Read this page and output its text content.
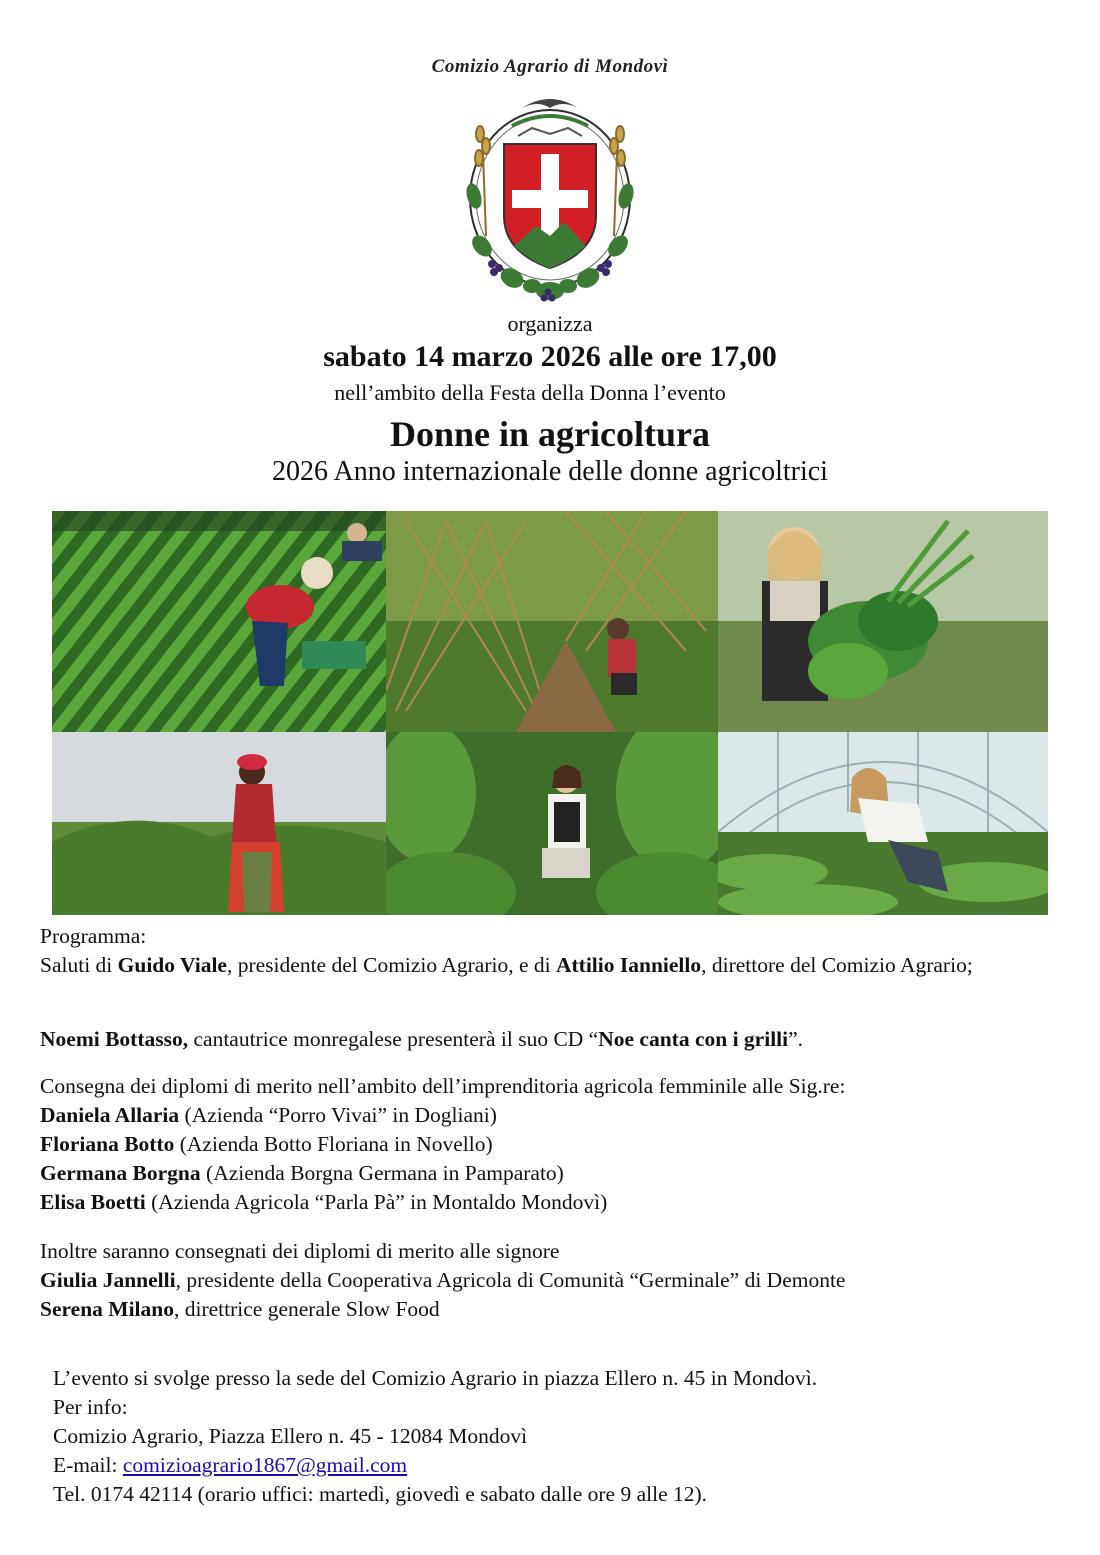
Comizio Agrario di Mondovì
organizza
sabato 14 marzo 2026 alle ore 17,00
nell’ambito della Festa della Donna l’evento
Donne in agricoltura
2026 Anno internazionale delle donne agricoltrici

Programma:

Saluti di Guido Viale, presidente del Comizio Agrario, e di Attilio Ianniello, direttore del Comizio Agrario;

Noemi Bottasso, cantautrice monregalese presenterà il suo CD “Noe canta con i grilli”.

Consegna dei diplomi di merito nell’ambito dell’imprenditoria agricola femminile alle Sig.re:

Daniela Allaria (Azienda “Porro Vivai” in Dogliani)

Floriana Botto (Azienda Botto Floriana in Novello)

Germana Borgna (Azienda Borgna Germana in Pamparato)

Elisa Boetti (Azienda Agricola “Parla Pà” in Montaldo Mondovì)

Inoltre saranno consegnati dei diplomi di merito alle signore

Giulia Jannelli, presidente della Cooperativa Agricola di Comunità “Germinale” di Demonte

Serena Milano, direttrice generale Slow Food

L’evento si svolge presso la sede del Comizio Agrario in piazza Ellero n. 45 in Mondovì.

Per info:

Comizio Agrario, Piazza Ellero n. 45 - 12084 Mondovì

E-mail: comizioagrario1867@gmail.com

Tel. 0174 42114 (orario uffici: martedì, giovedì e sabato dalle ore 9 alle 12).
